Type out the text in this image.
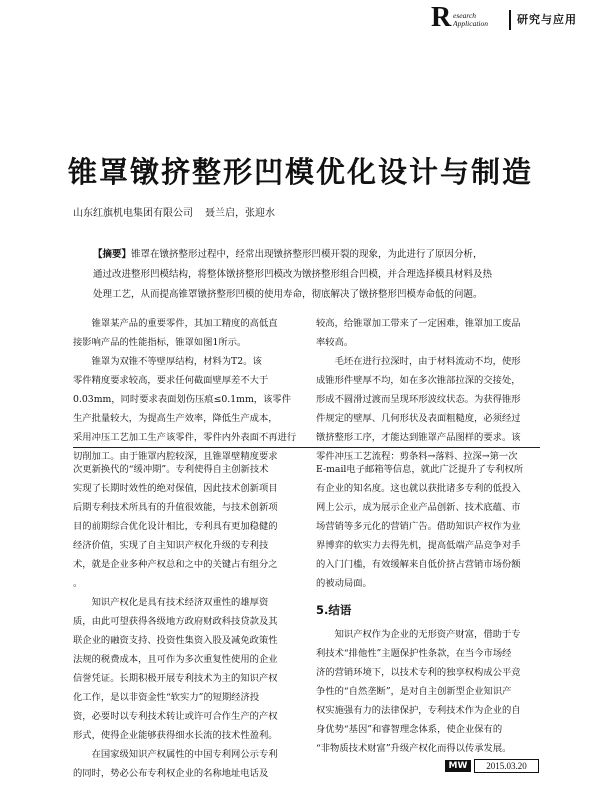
R esearch
Application	研究与应用
锥罩镦挤整形凹模优化设计与制造
山东红旗机电集团有限公司 聂兰启，张迎水

【摘要】锥罩在镦挤整形过程中，经常出现镦挤整形凹模开裂的现象，为此进行了原因分析，

通过改进整形凹模结构，将整体镦挤整形凹模改为镦挤整形组合凹模，并合理选择模具材料及热

处理工艺，从而提高锥罩镦挤整形凹模的使用寿命，彻底解决了镦挤整形凹模寿命低的问题。

　　锥罩某产品的重要零件，其加工精度的高低直

接影响产品的性能指标，锥罩如图1所示。

　　锥罩为双锥不等壁厚结构，材料为T2。该

零件精度要求较高，要求任何截面壁厚差不大于

0.03mm，同时要求表面划伤压痕≤0.1mm，该零件

生产批量较大，为提高生产效率，降低生产成本，

采用冲压工艺加工生产该零件，零件内外表面不再进行

切削加工。由于锥罩内腔较深，且锥罩壁精度要求

较高，给锥罩加工带来了一定困难，锥罩加工废品

率较高。

　　毛坯在进行拉深时，由于材料流动不均，使形

成锥形件壁厚不均，如在多次锥部拉深的交接处，

形成不圆滑过渡而呈现环形波纹状态。为获得锥形

件规定的壁厚、几何形状及表面粗糙度，必须经过

镦挤整形工序，才能达到锥罩产品图样的要求。该

零件冲压工艺流程：剪条料→落料、拉深→第一次

次更新换代的“缓冲期”。专利使得自主创新技术

实现了长期时效性的绝对保值，因此技术创新项目

后期专利技术所具有的升值很效能，与技术创新项

目的前期综合优化设计相比，专利具有更加稳健的

经济价值，实现了自主知识产权化升级的专利技

术，就是企业多种产权总和之中的关键占有组分之

。

　　知识产权化是具有技术经济双重性的雄厚资

质，由此可望获得各级地方政府财政科技贷款及其

联企业的融资支持、投资性集资入股及减免政策性

法规的税费成本，且可作为多次重复性使用的企业

信誉凭证。长期积极开展专利技术为主的知识产权

化工作，是以非资金性“软实力”的短期经济投

资，必要时以专利技术转让或许可合作生产的产权

形式，使得企业能够获得细水长流的技术性盈利。

　　在国家级知识产权属性的中国专利网公示专利

的同时，势必公布专利权企业的名称地址电话及

E-mail电子邮箱等信息，就此广泛提升了专利权所

有企业的知名度。这也就以获批诸多专利的低投入

网上公示，成为展示企业产品创新、技术底蕴、市

场营销等多元化的营销广告。借助知识产权作为业

界博弈的软实力去得先机，提高低端产品竞争对手

的入门门槛，有效缓解来自低价挤占营销市场份额

的被动局面。

5.结语

　　知识产权作为企业的无形资产财富，借助于专

利技术“排他性”主题保护性条款，在当今市场经

济的营销环境下，以技术专利的独享权构成公平竞

争性的“自然垄断”，是对自主创新型企业知识产

权实施强有力的法律保护，专利技术作为企业的自

身优势“基因”和睿智理念体系，使企业保有的

“非物质技术财富”升级产权化而得以传承发展。

MW	2015.03.20
